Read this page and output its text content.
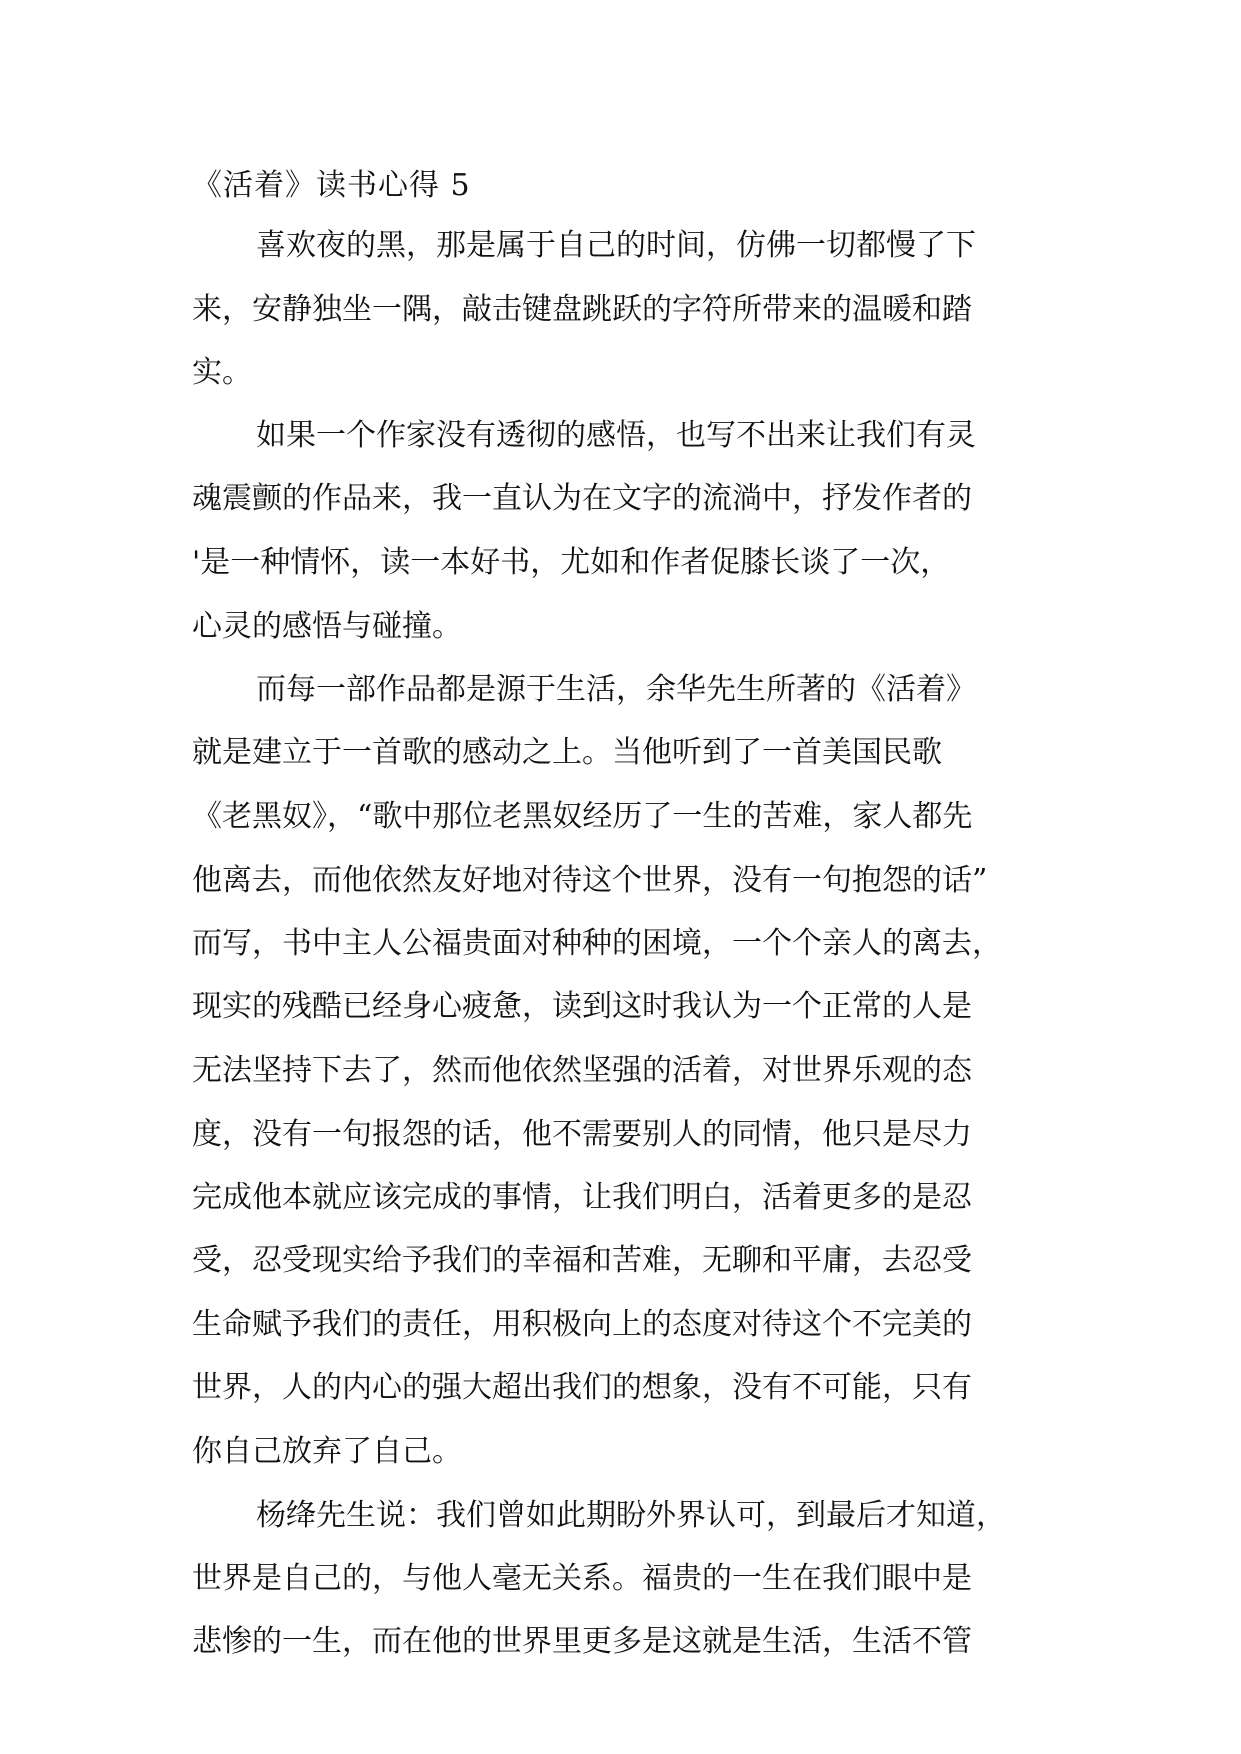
《活着》读书心得 5

喜欢夜的黑，那是属于自己的时间，仿佛一切都慢了下

来，安静独坐一隅，敲击键盘跳跃的字符所带来的温暖和踏

实。

如果一个作家没有透彻的感悟，也写不出来让我们有灵

魂震颤的作品来，我一直认为在文字的流淌中，抒发作者的

'是一种情怀，读一本好书，尤如和作者促膝长谈了一次，

心灵的感悟与碰撞。

而每一部作品都是源于生活，余华先生所著的《活着》

就是建立于一首歌的感动之上。当他听到了一首美国民歌

《老黑奴》，“歌中那位老黑奴经历了一生的苦难，家人都先

他离去，而他依然友好地对待这个世界，没有一句抱怨的话”

而写，书中主人公福贵面对种种的困境，一个个亲人的离去，

现实的残酷已经身心疲惫，读到这时我认为一个正常的人是

无法坚持下去了，然而他依然坚强的活着，对世界乐观的态

度，没有一句报怨的话，他不需要别人的同情，他只是尽力

完成他本就应该完成的事情，让我们明白，活着更多的是忍

受，忍受现实给予我们的幸福和苦难，无聊和平庸，去忍受

生命赋予我们的责任，用积极向上的态度对待这个不完美的

世界，人的内心的强大超出我们的想象，没有不可能，只有

你自己放弃了自己。

杨绛先生说：我们曾如此期盼外界认可，到最后才知道，

世界是自己的，与他人毫无关系。福贵的一生在我们眼中是

悲惨的一生，而在他的世界里更多是这就是生活，生活不管
